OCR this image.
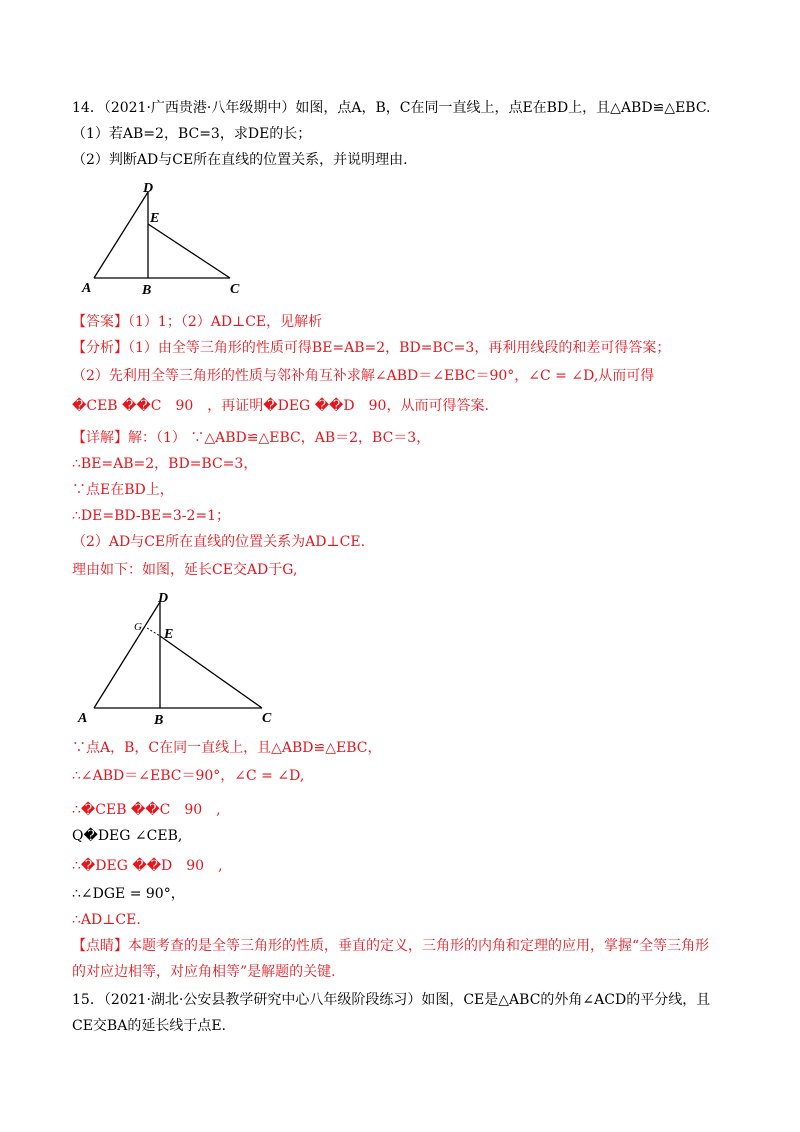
14．（2021·广西贵港·八年级期中）如图，点A，B，C在同一直线上，点E在BD上，且△ABD≌△EBC.
（1）若AB=2，BC=3，求DE的长；
（2）判断AD与CE所在直线的位置关系，并说明理由.
A	B	C
D
E
【答案】（1）1；（2）AD⊥CE，见解析
【分析】（1）由全等三角形的性质可得BE=AB=2，BD=BC=3，再利用线段的和差可得答案；
（2）先利用全等三角形的性质与邻补角互补求解∠ABD＝∠EBC＝90°，∠C = ∠D,从而可得
�CEB ��C　90　，再证明�DEG ��D　90，从而可得答案.
【详解】解：（1） ∵△ABD≌△EBC，AB＝2，BC＝3，
∴BE=AB=2，BD=BC=3，
∵点E在BD上，
∴DE=BD-BE=3-2=1；
（2）AD与CE所在直线的位置关系为AD⊥CE.
理由如下：如图，延长CE交AD于G,
A	B	C
D
E
G
∵点A，B，C在同一直线上，且△ABD≌△EBC，
∴∠ABD＝∠EBC＝90°，∠C = ∠D,
∴�CEB ��C　90　,
Q�DEG ∠CEB,
∴�DEG ��D　90　,
∴∠DGE = 90°，
∴AD⊥CE.
【点睛】本题考查的是全等三角形的性质，垂直的定义，三角形的内角和定理的应用，掌握“全等三角形
的对应边相等，对应角相等”是解题的关键.
15．（2021·湖北·公安县教学研究中心八年级阶段练习）如图，CE是△ABC的外角∠ACD的平分线，且
CE交BA的延长线于点E.
